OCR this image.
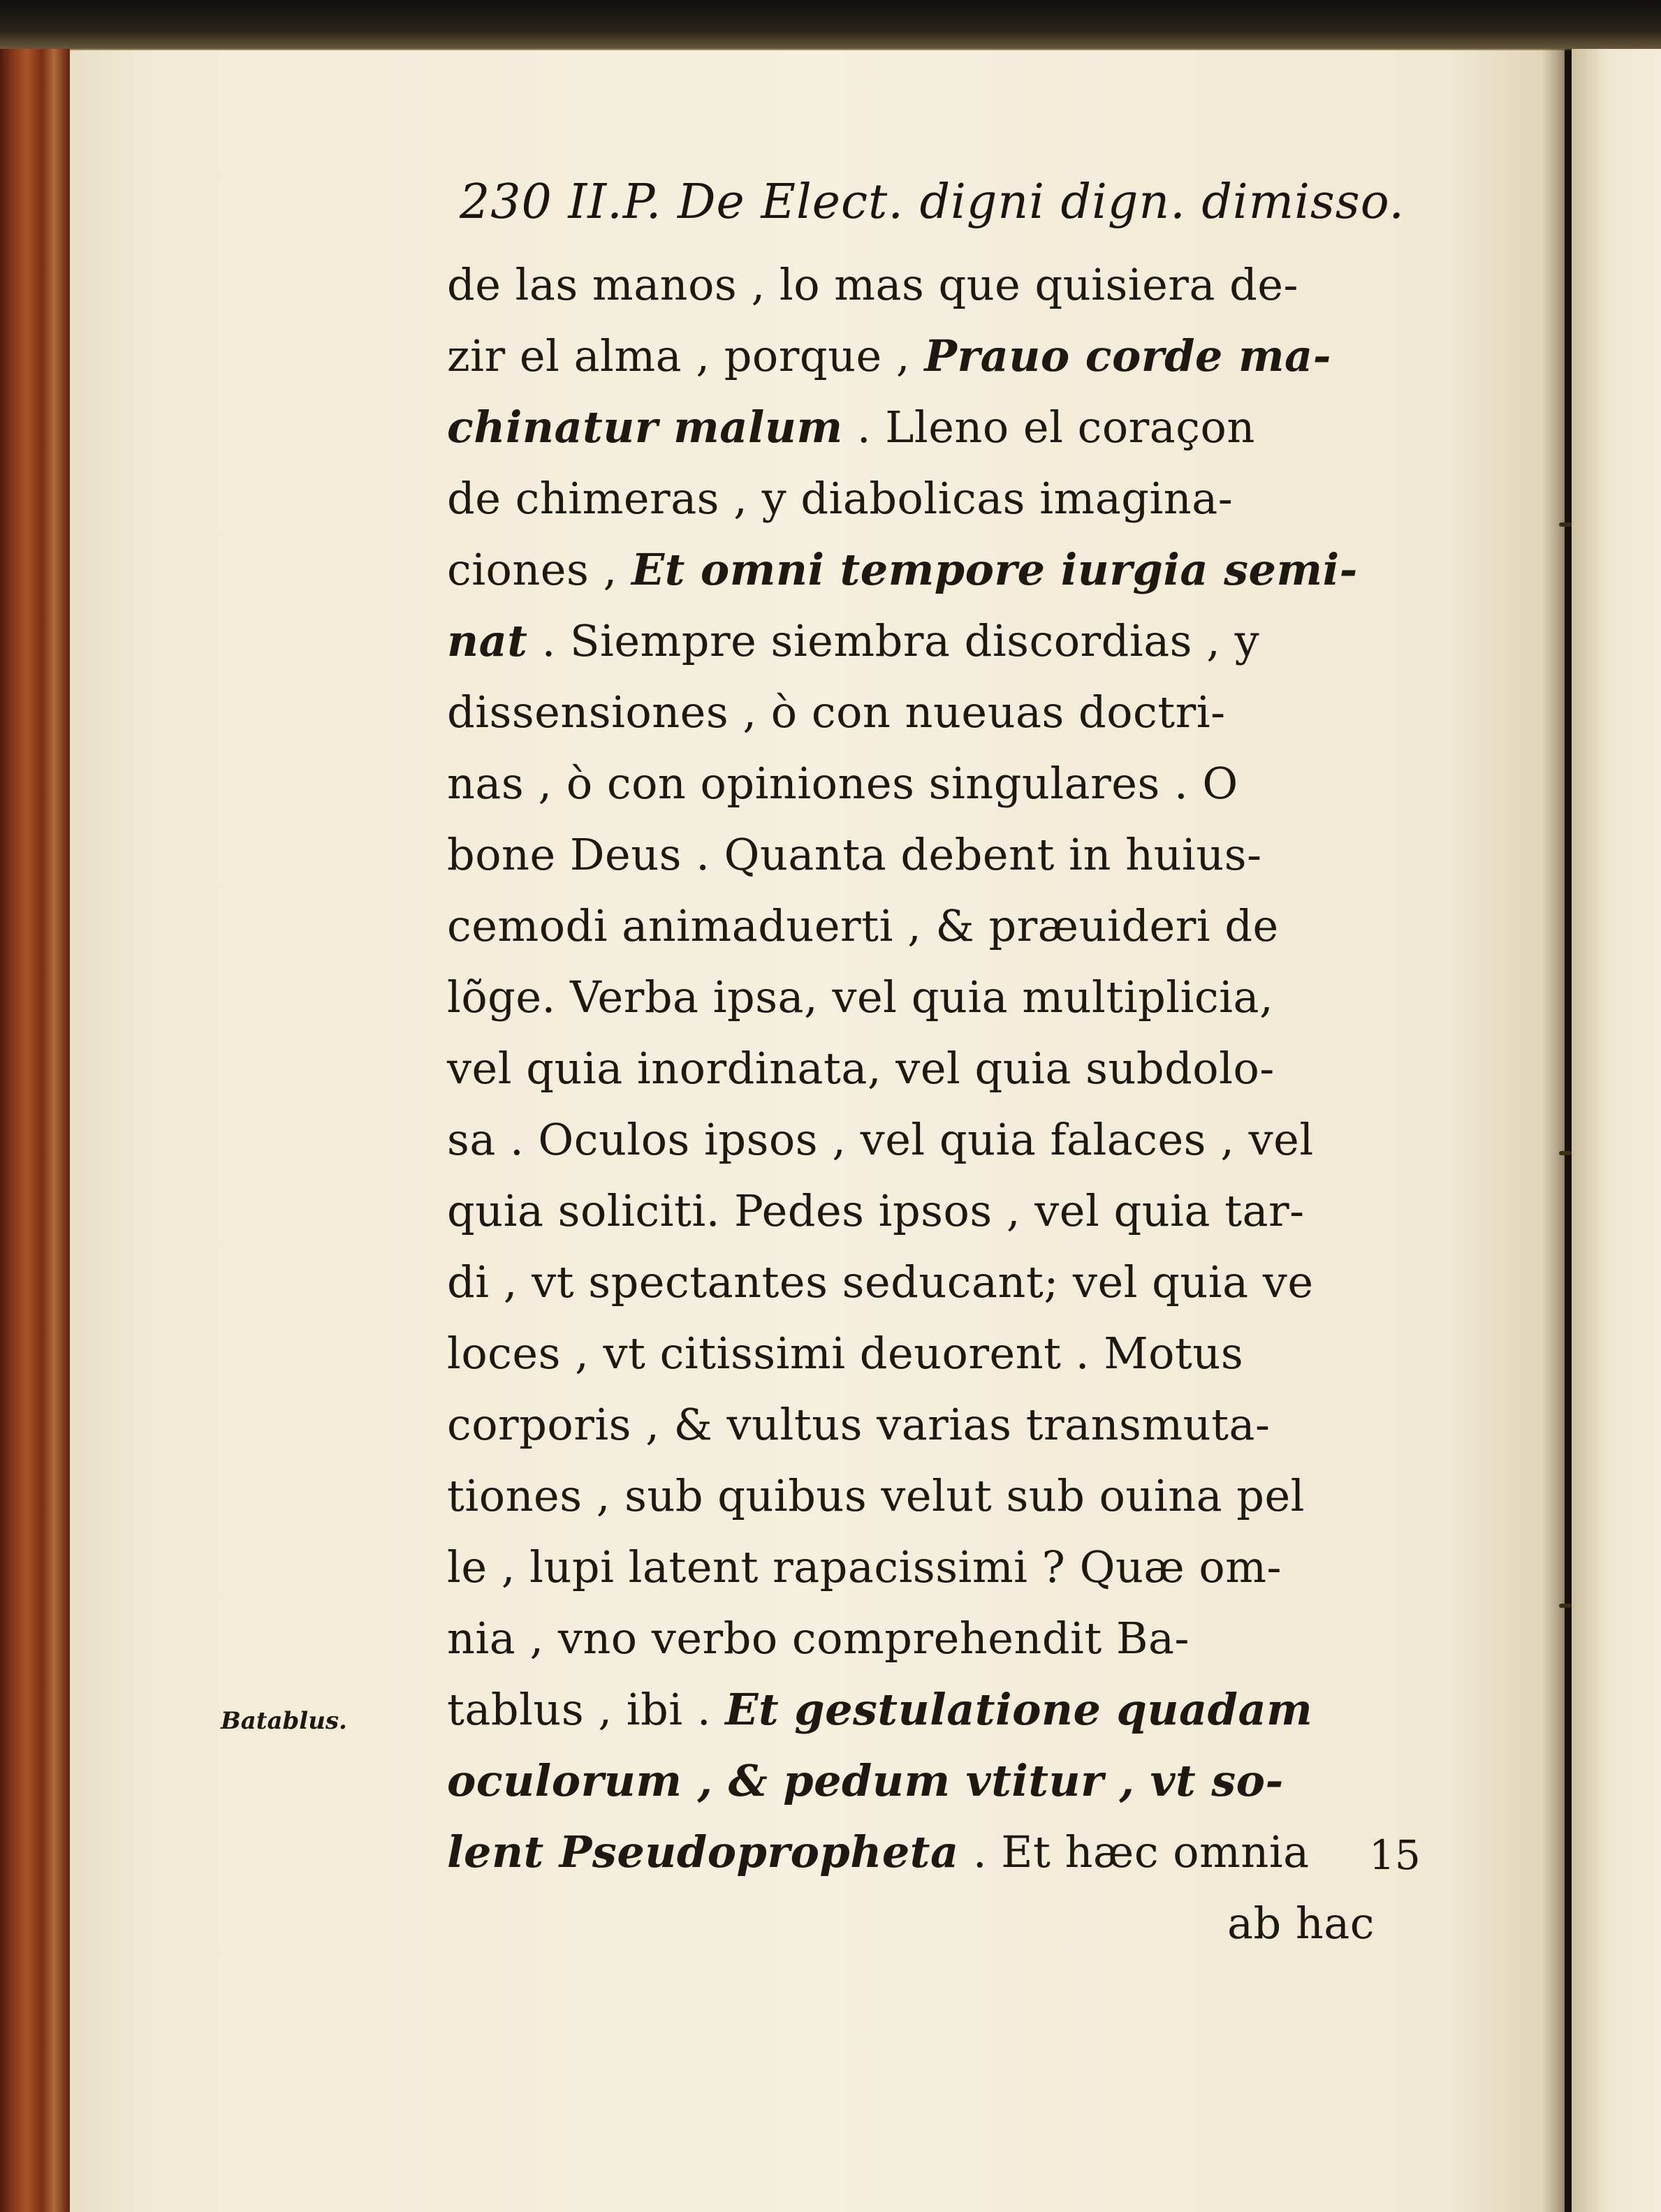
230 II.P. De Elect. digni dign. dimisso.
de las manos , lo mas que quisiera de-
zir el alma , porque , Prauo corde ma-
chinatur malum . Lleno el coraçon
de chimeras , y diabolicas imagina-
ciones , Et omni tempore iurgia semi-
nat . Siempre siembra discordias , y
dissensiones , ò con nueuas doctri-
nas , ò con opiniones singulares . O
bone Deus . Quanta debent in huius-
cemodi animaduerti , & præuideri de
lõge. Verba ipsa, vel quia multiplicia,
vel quia inordinata, vel quia subdolo-
sa . Oculos ipsos , vel quia falaces , vel
quia soliciti. Pedes ipsos , vel quia tar-
di , vt spectantes seducant; vel quia ve
loces , vt citissimi deuorent . Motus
corporis , & vultus varias transmuta-
tiones , sub quibus velut sub ouina pel
le , lupi latent rapacissimi ? Quæ om-
nia , vno verbo comprehendit Ba-
tablus , ibi . Et gestulatione quadam
oculorum , & pedum vtitur , vt so-
lent Pseudopropheta . Et hæc omnia
ab hac
Batablus.
15
